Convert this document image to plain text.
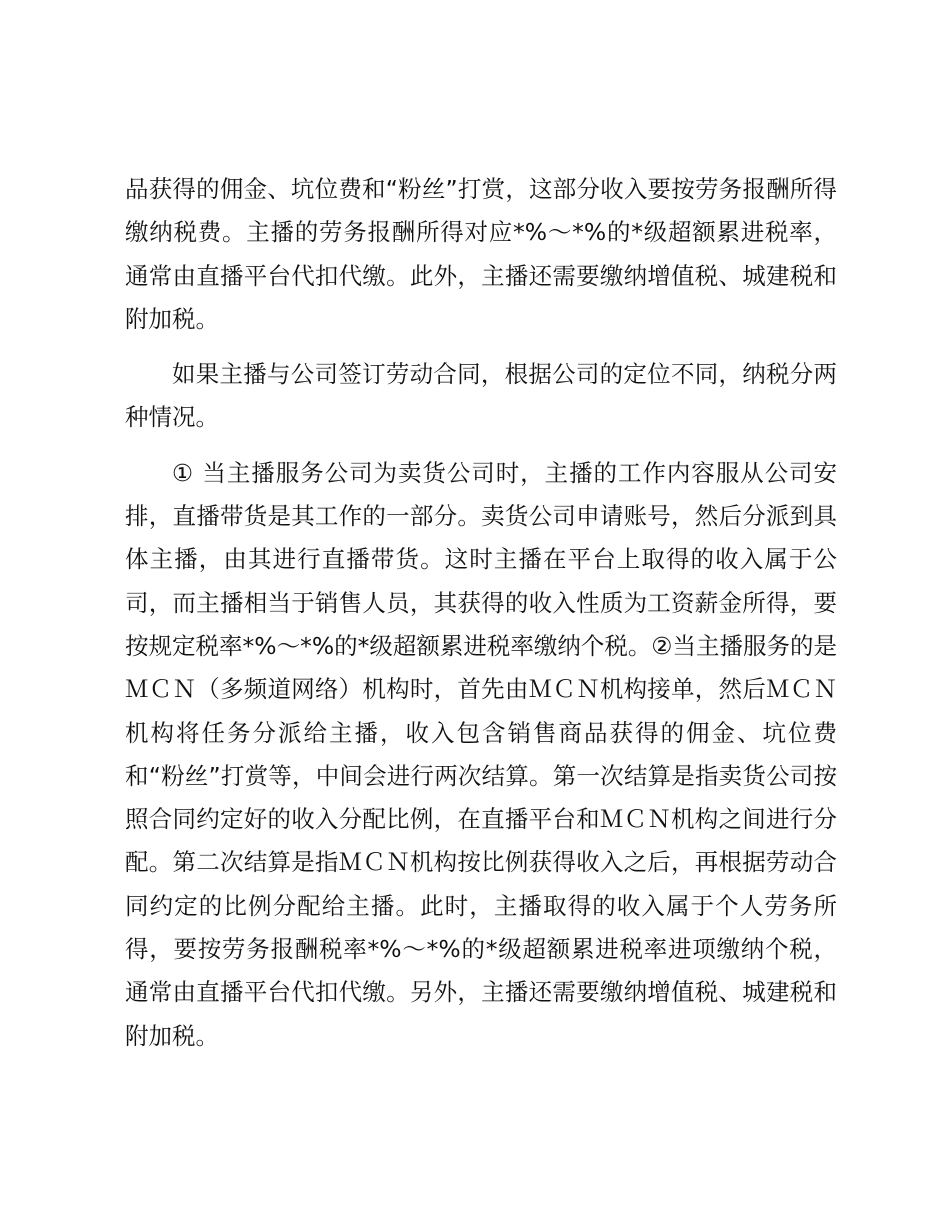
品获得的佣金、坑位费和“粉丝”打赏，这部分收入要按劳务报酬所得缴纳税费。主播的劳务报酬所得对应*%～*%的*级超额累进税率，通常由直播平台代扣代缴。此外，主播还需要缴纳增值税、城建税和附加税。

如果主播与公司签订劳动合同，根据公司的定位不同，纳税分两种情况。

① 当主播服务公司为卖货公司时，主播的工作内容服从公司安排，直播带货是其工作的一部分。卖货公司申请账号，然后分派到具体主播，由其进行直播带货。这时主播在平台上取得的收入属于公司，而主播相当于销售人员，其获得的收入性质为工资薪金所得，要按规定税率*%～*%的*级超额累进税率缴纳个税。②当主播服务的是ＭＣＮ（多频道网络）机构时，首先由ＭＣＮ机构接单，然后ＭＣＮ机构将任务分派给主播，收入包含销售商品获得的佣金、坑位费和“粉丝”打赏等，中间会进行两次结算。第一次结算是指卖货公司按照合同约定好的收入分配比例，在直播平台和ＭＣＮ机构之间进行分配。第二次结算是指ＭＣＮ机构按比例获得收入之后，再根据劳动合同约定的比例分配给主播。此时，主播取得的收入属于个人劳务所得，要按劳务报酬税率*%～*%的*级超额累进税率进项缴纳个税，通常由直播平台代扣代缴。另外，主播还需要缴纳增值税、城建税和附加税。
